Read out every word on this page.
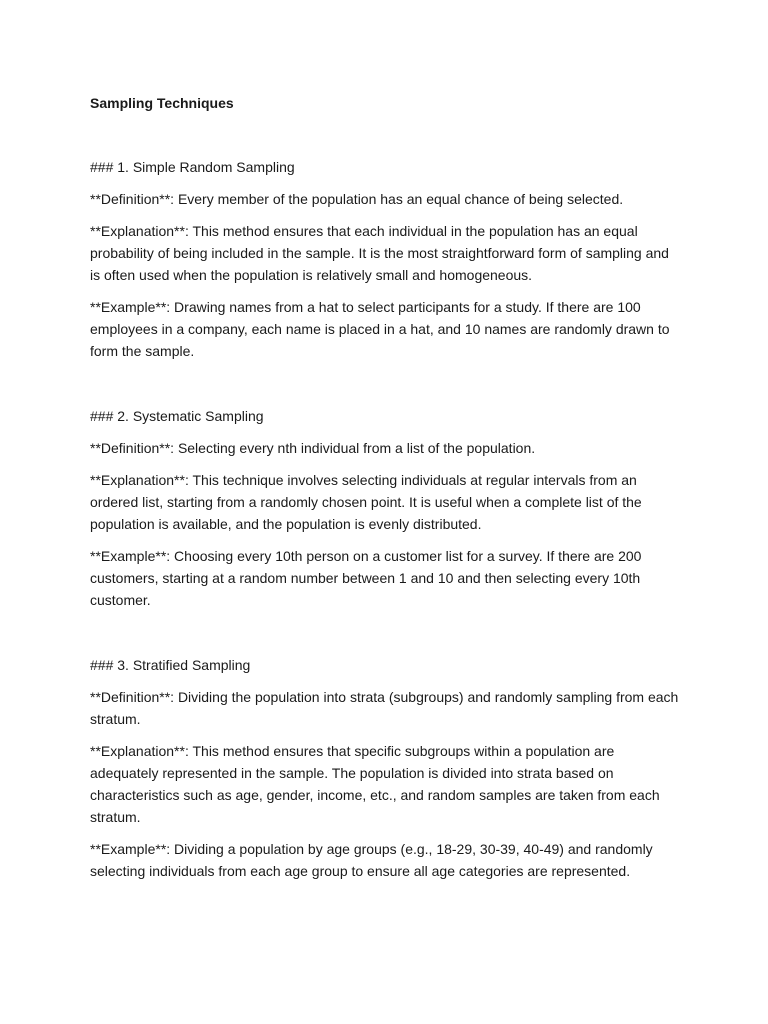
Sampling Techniques

### 1. Simple Random Sampling

**Definition**: Every member of the population has an equal chance of being selected.

**Explanation**: This method ensures that each individual in the population has an equal probability of being included in the sample. It is the most straightforward form of sampling and is often used when the population is relatively small and homogeneous.

**Example**: Drawing names from a hat to select participants for a study. If there are 100 employees in a company, each name is placed in a hat, and 10 names are randomly drawn to form the sample.

### 2. Systematic Sampling

**Definition**: Selecting every nth individual from a list of the population.

**Explanation**: This technique involves selecting individuals at regular intervals from an ordered list, starting from a randomly chosen point. It is useful when a complete list of the population is available, and the population is evenly distributed.

**Example**: Choosing every 10th person on a customer list for a survey. If there are 200 customers, starting at a random number between 1 and 10 and then selecting every 10th customer.

### 3. Stratified Sampling

**Definition**: Dividing the population into strata (subgroups) and randomly sampling from each stratum.

**Explanation**: This method ensures that specific subgroups within a population are adequately represented in the sample. The population is divided into strata based on characteristics such as age, gender, income, etc., and random samples are taken from each stratum.

**Example**: Dividing a population by age groups (e.g., 18-29, 30-39, 40-49) and randomly selecting individuals from each age group to ensure all age categories are represented.
